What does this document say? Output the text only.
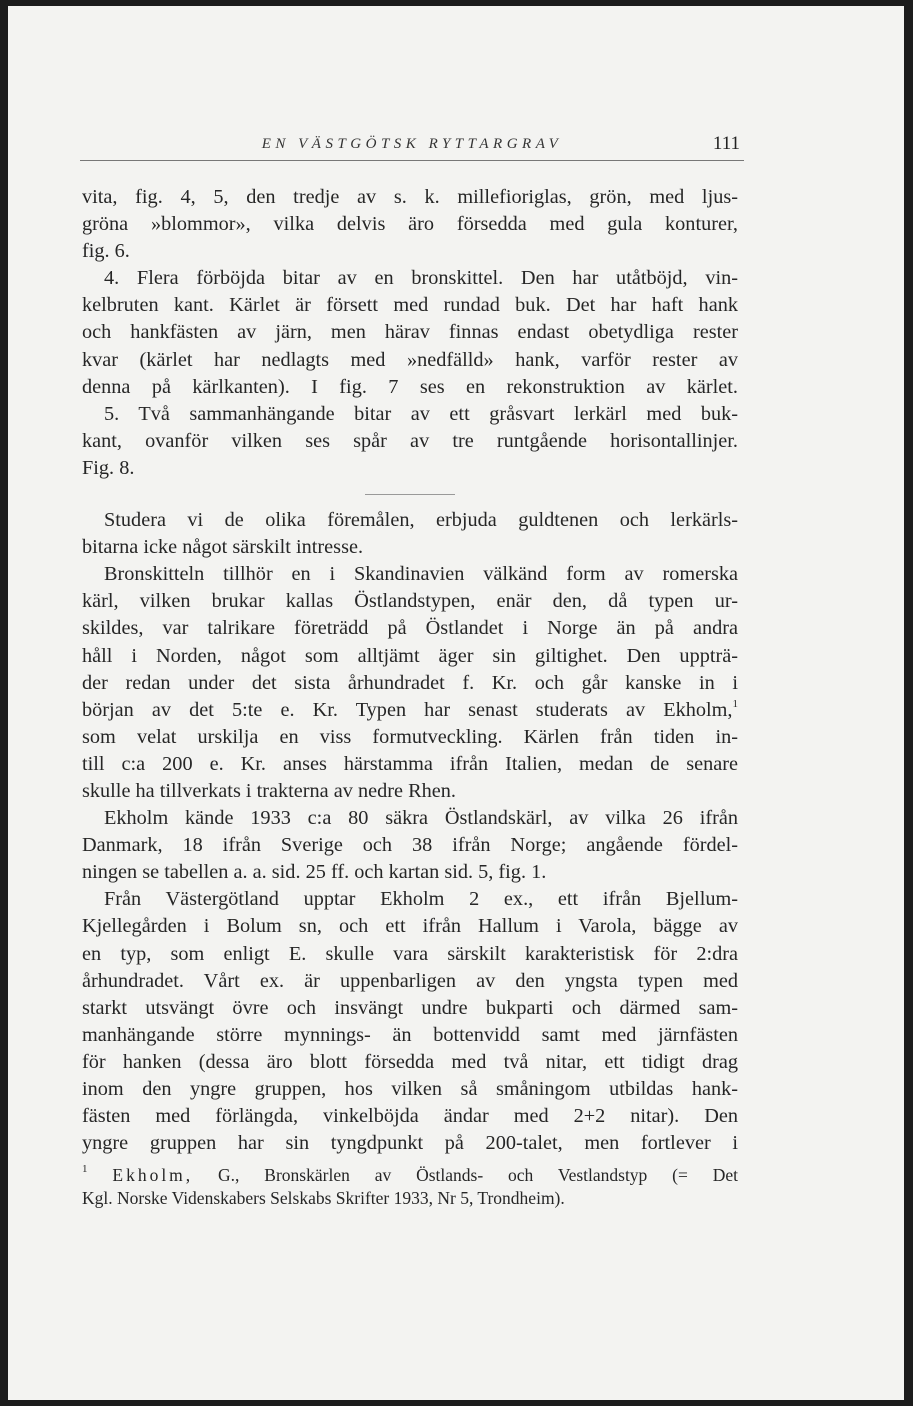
EN VÄSTGÖTSK RYTTARGRAV	111
vita, fig. 4, 5, den tredje av s. k. millefioriglas, grön, med ljus-
gröna »blommor», vilka delvis äro försedda med gula konturer,
fig. 6.
4. Flera förböjda bitar av en bronskittel. Den har utåtböjd, vin-
kelbruten kant. Kärlet är försett med rundad buk. Det har haft hank
och hankfästen av järn, men härav finnas endast obetydliga rester
kvar (kärlet har nedlagts med »nedfälld» hank, varför rester av
denna på kärlkanten). I fig. 7 ses en rekonstruktion av kärlet.
5. Två sammanhängande bitar av ett gråsvart lerkärl med buk-
kant, ovanför vilken ses spår av tre runtgående horisontallinjer.
Fig. 8.
Studera vi de olika föremålen, erbjuda guldtenen och lerkärls-
bitarna icke något särskilt intresse.
Bronskitteln tillhör en i Skandinavien välkänd form av romerska
kärl, vilken brukar kallas Östlandstypen, enär den, då typen ur-
skildes, var talrikare företrädd på Östlandet i Norge än på andra
håll i Norden, något som alltjämt äger sin giltighet. Den uppträ-
der redan under det sista århundradet f. Kr. och går kanske in i
början av det 5:te e. Kr. Typen har senast studerats av Ekholm,$^1$
som velat urskilja en viss formutveckling. Kärlen från tiden in-
till c:a 200 e. Kr. anses härstamma ifrån Italien, medan de senare
skulle ha tillverkats i trakterna av nedre Rhen.
Ekholm kände 1933 c:a 80 säkra Östlandskärl, av vilka 26 ifrån
Danmark, 18 ifrån Sverige och 38 ifrån Norge; angående fördel-
ningen se tabellen a. a. sid. 25 ff. och kartan sid. 5, fig. 1.
Från Västergötland upptar Ekholm 2 ex., ett ifrån Bjellum-
Kjellegården i Bolum sn, och ett ifrån Hallum i Varola, bägge av
en typ, som enligt E. skulle vara särskilt karakteristisk för 2:dra
århundradet. Vårt ex. är uppenbarligen av den yngsta typen med
starkt utsvängt övre och insvängt undre bukparti och därmed sam-
manhängande större mynnings- än bottenvidd samt med järnfästen
för hanken (dessa äro blott försedda med två nitar, ett tidigt drag
inom den yngre gruppen, hos vilken så småningom utbildas hank-
fästen med förlängda, vinkelböjda ändar med 2+2 nitar). Den
yngre gruppen har sin tyngdpunkt på 200-talet, men fortlever i
$^1$ Ekholm, G., Bronskärlen av Östlands- och Vestlandstyp (= Det
Kgl. Norske Videnskabers Selskabs Skrifter 1933, Nr 5, Trondheim).
